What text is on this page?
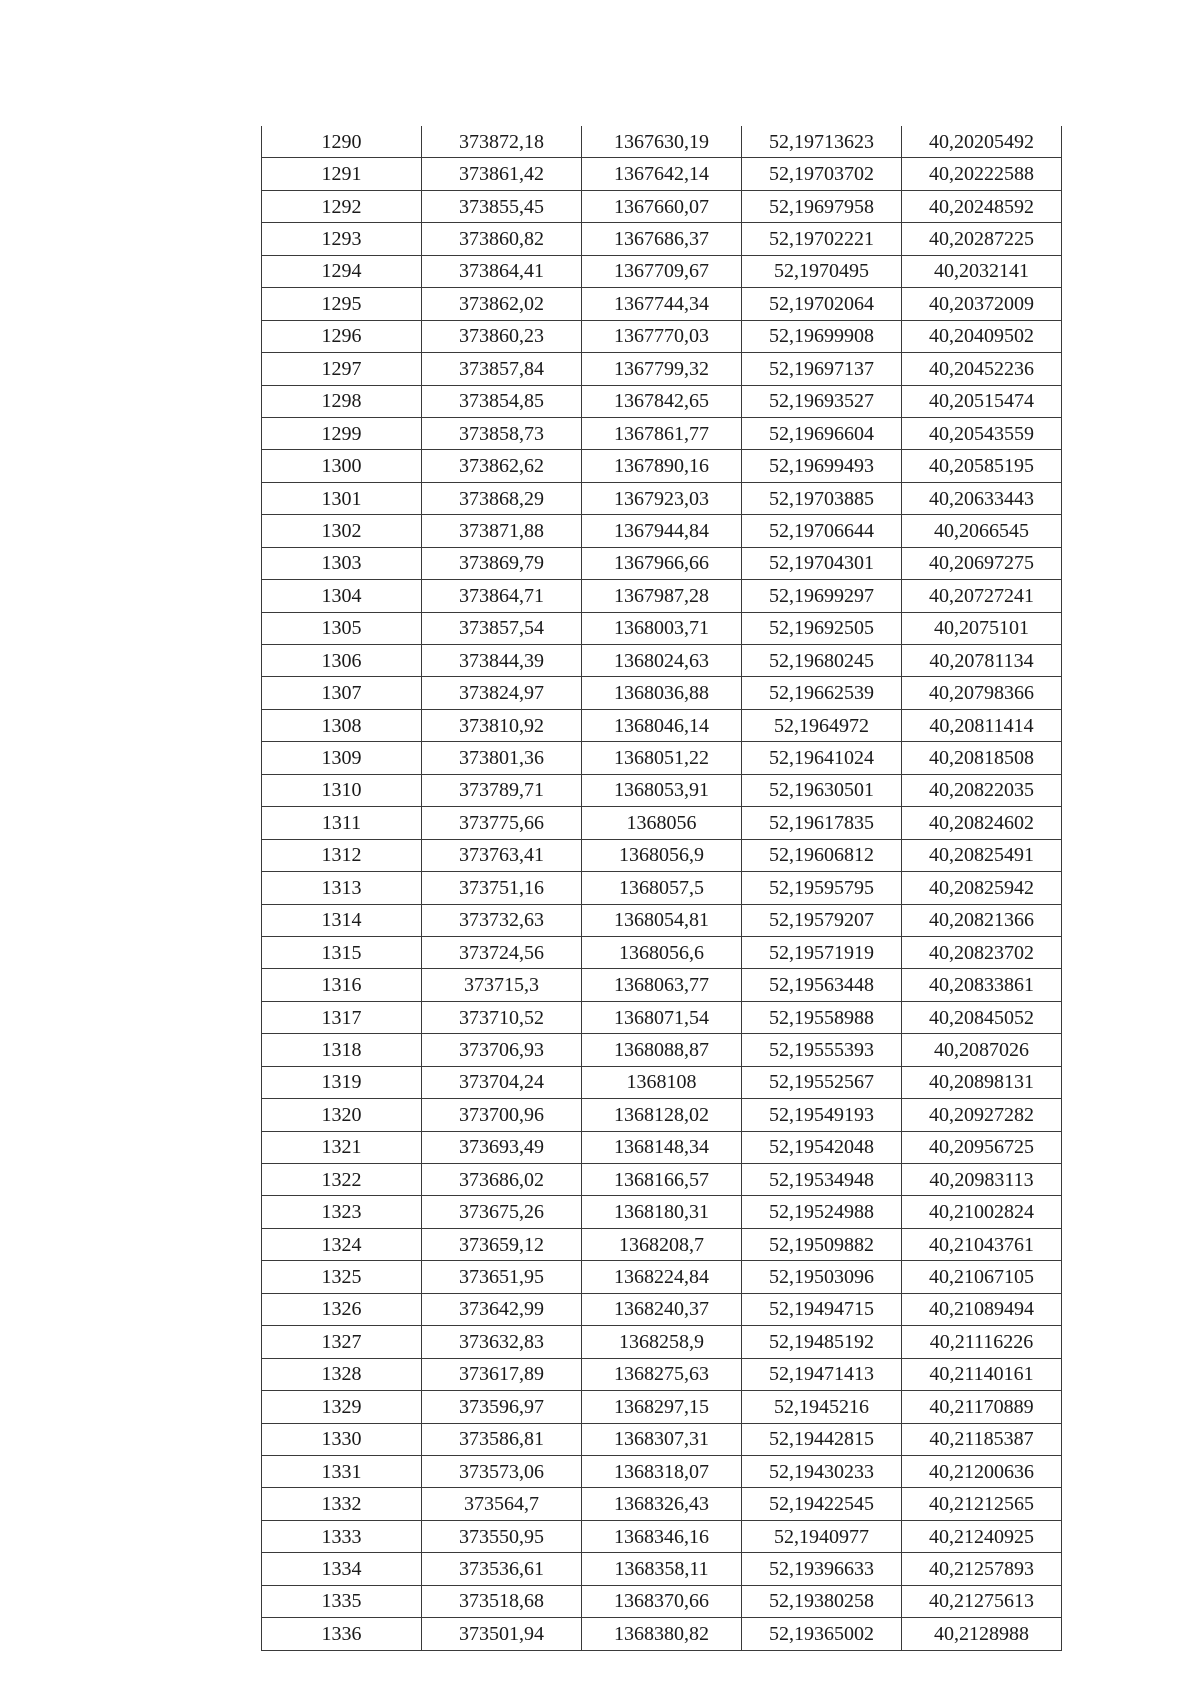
1290	373872,18	1367630,19	52,19713623	40,20205492
1291	373861,42	1367642,14	52,19703702	40,20222588
1292	373855,45	1367660,07	52,19697958	40,20248592
1293	373860,82	1367686,37	52,19702221	40,20287225
1294	373864,41	1367709,67	52,1970495	40,2032141
1295	373862,02	1367744,34	52,19702064	40,20372009
1296	373860,23	1367770,03	52,19699908	40,20409502
1297	373857,84	1367799,32	52,19697137	40,20452236
1298	373854,85	1367842,65	52,19693527	40,20515474
1299	373858,73	1367861,77	52,19696604	40,20543559
1300	373862,62	1367890,16	52,19699493	40,20585195
1301	373868,29	1367923,03	52,19703885	40,20633443
1302	373871,88	1367944,84	52,19706644	40,2066545
1303	373869,79	1367966,66	52,19704301	40,20697275
1304	373864,71	1367987,28	52,19699297	40,20727241
1305	373857,54	1368003,71	52,19692505	40,2075101
1306	373844,39	1368024,63	52,19680245	40,20781134
1307	373824,97	1368036,88	52,19662539	40,20798366
1308	373810,92	1368046,14	52,1964972	40,20811414
1309	373801,36	1368051,22	52,19641024	40,20818508
1310	373789,71	1368053,91	52,19630501	40,20822035
1311	373775,66	1368056	52,19617835	40,20824602
1312	373763,41	1368056,9	52,19606812	40,20825491
1313	373751,16	1368057,5	52,19595795	40,20825942
1314	373732,63	1368054,81	52,19579207	40,20821366
1315	373724,56	1368056,6	52,19571919	40,20823702
1316	373715,3	1368063,77	52,19563448	40,20833861
1317	373710,52	1368071,54	52,19558988	40,20845052
1318	373706,93	1368088,87	52,19555393	40,2087026
1319	373704,24	1368108	52,19552567	40,20898131
1320	373700,96	1368128,02	52,19549193	40,20927282
1321	373693,49	1368148,34	52,19542048	40,20956725
1322	373686,02	1368166,57	52,19534948	40,20983113
1323	373675,26	1368180,31	52,19524988	40,21002824
1324	373659,12	1368208,7	52,19509882	40,21043761
1325	373651,95	1368224,84	52,19503096	40,21067105
1326	373642,99	1368240,37	52,19494715	40,21089494
1327	373632,83	1368258,9	52,19485192	40,21116226
1328	373617,89	1368275,63	52,19471413	40,21140161
1329	373596,97	1368297,15	52,1945216	40,21170889
1330	373586,81	1368307,31	52,19442815	40,21185387
1331	373573,06	1368318,07	52,19430233	40,21200636
1332	373564,7	1368326,43	52,19422545	40,21212565
1333	373550,95	1368346,16	52,1940977	40,21240925
1334	373536,61	1368358,11	52,19396633	40,21257893
1335	373518,68	1368370,66	52,19380258	40,21275613
1336	373501,94	1368380,82	52,19365002	40,2128988
